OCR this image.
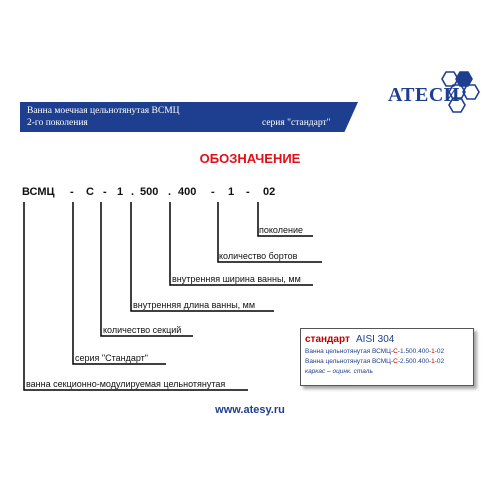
Ванна моечная цельнотянутая ВСМЦ
2-го поколения	серия "стандарт"
АТЕСИ
ОБОЗНАЧЕНИЕ
ВСМЦ - С - 1 . 500 . 400 - 1 - 02
поколение
количество бортов
внутренняя ширина ванны, мм
внутренняя длина ванны, мм
количество секций
серия "Стандарт"
ванна секционно-модулируемая цельнотянутая
стандарт AISI 304
Ванна цельнотянутая ВСМЦ-С-1.500.400-1-02
Ванна цельнотянутая ВСМЦ-С-2.500.400-1-02
каркас – оцинк. сталь
www.atesy.ru
